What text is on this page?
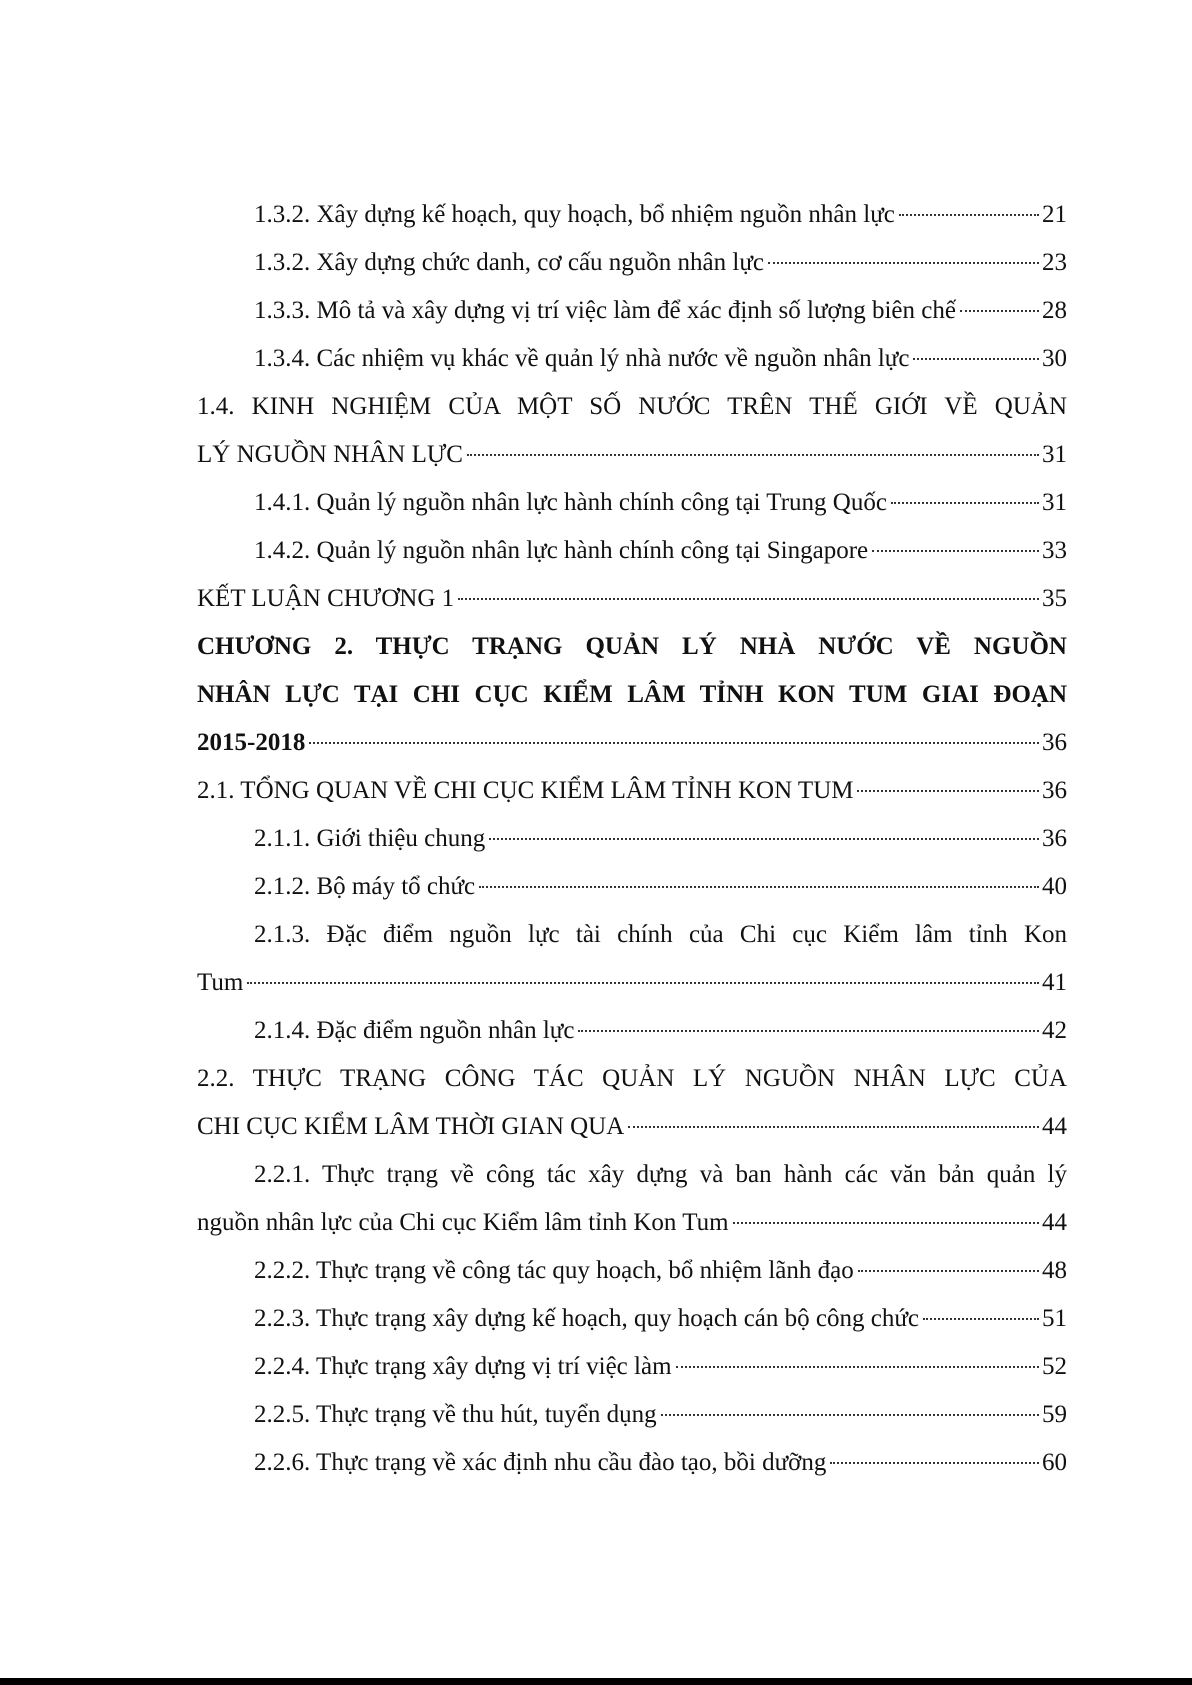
1.3.2. Xây dựng kế hoạch, quy hoạch, bổ nhiệm nguồn nhân lực	21
1.3.2. Xây dựng chức danh, cơ cấu nguồn nhân lực	23
1.3.3. Mô tả và xây dựng vị trí việc làm để xác định số lượng biên chế	28
1.3.4. Các nhiệm vụ khác về quản lý nhà nước về nguồn nhân lực	30
1.4. KINH NGHIỆM CỦA MỘT SỐ NƯỚC TRÊN THẾ GIỚI VỀ QUẢN
LÝ NGUỒN NHÂN LỰC	31
1.4.1. Quản lý nguồn nhân lực hành chính công tại Trung Quốc	31
1.4.2. Quản lý nguồn nhân lực hành chính công tại Singapore	33
KẾT LUẬN CHƯƠNG 1	35
CHƯƠNG 2. THỰC TRẠNG QUẢN LÝ NHÀ NƯỚC VỀ NGUỒN
NHÂN LỰC TẠI CHI CỤC KIỂM LÂM TỈNH KON TUM GIAI ĐOẠN
2015-2018	36
2.1. TỔNG QUAN VỀ CHI CỤC KIỂM LÂM TỈNH KON TUM	36
2.1.1. Giới thiệu chung	36
2.1.2. Bộ máy tổ chức	40
2.1.3. Đặc điểm nguồn lực tài chính của Chi cục Kiểm lâm tỉnh Kon
Tum	41
2.1.4. Đặc điểm nguồn nhân lực	42
2.2. THỰC TRẠNG CÔNG TÁC QUẢN LÝ NGUỒN NHÂN LỰC CỦA
CHI CỤC KIỂM LÂM THỜI GIAN QUA	44
2.2.1. Thực trạng về công tác xây dựng và ban hành các văn bản quản lý
nguồn nhân lực của Chi cục Kiểm lâm tỉnh Kon Tum	44
2.2.2. Thực trạng về công tác quy hoạch, bổ nhiệm lãnh đạo	48
2.2.3. Thực trạng xây dựng kế hoạch, quy hoạch cán bộ công chức	51
2.2.4. Thực trạng xây dựng vị trí việc làm	52
2.2.5. Thực trạng về thu hút, tuyển dụng	59
2.2.6. Thực trạng về xác định nhu cầu đào tạo, bồi dưỡng	60
